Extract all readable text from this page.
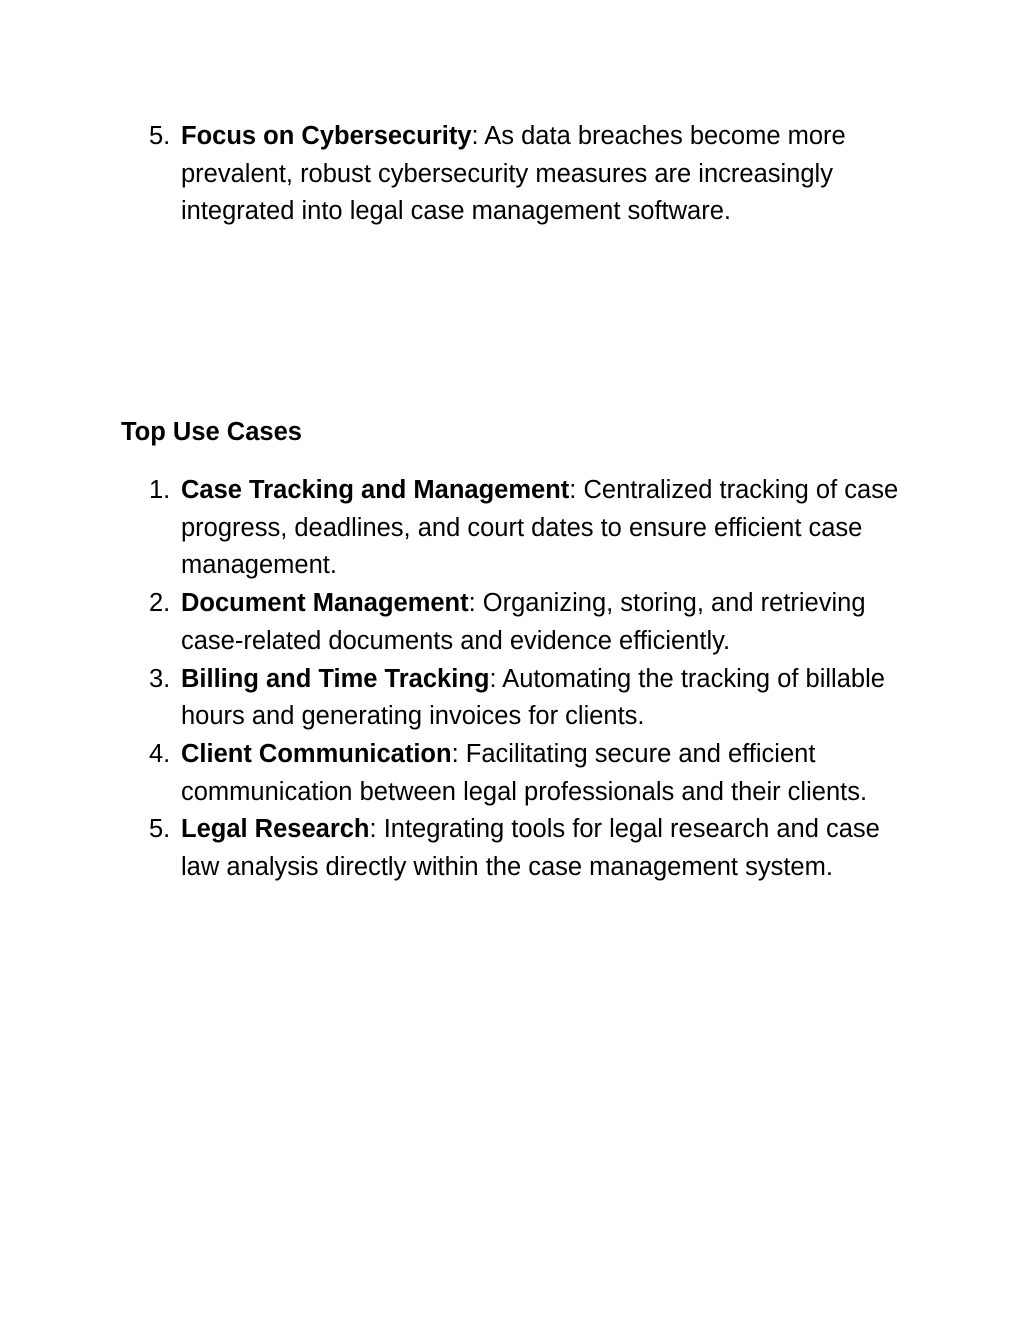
5. Focus on Cybersecurity: As data breaches become more prevalent, robust cybersecurity measures are increasingly integrated into legal case management software.
Top Use Cases
1. Case Tracking and Management: Centralized tracking of case progress, deadlines, and court dates to ensure efficient case management.
2. Document Management: Organizing, storing, and retrieving case-related documents and evidence efficiently.
3. Billing and Time Tracking: Automating the tracking of billable hours and generating invoices for clients.
4. Client Communication: Facilitating secure and efficient communication between legal professionals and their clients.
5. Legal Research: Integrating tools for legal research and case law analysis directly within the case management system.
